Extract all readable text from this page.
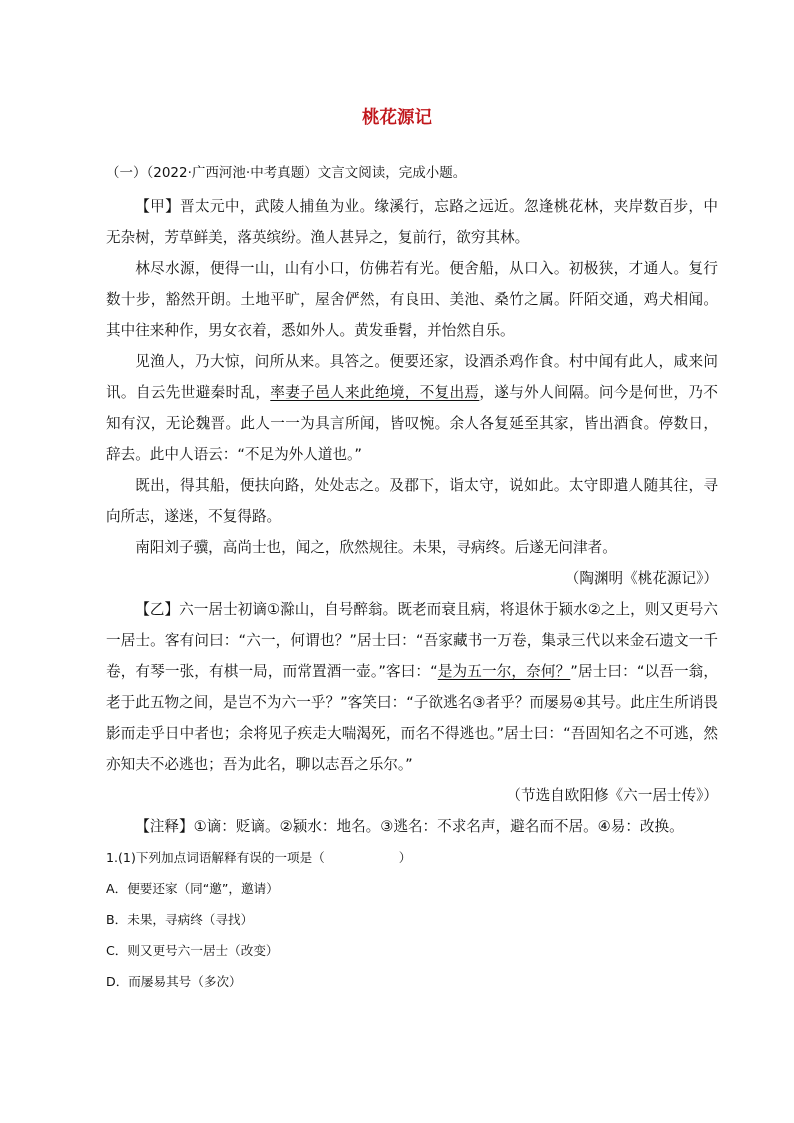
桃花源记

（一）（2022·广西河池·中考真题）文言文阅读，完成小题。

【甲】晋太元中，武陵人捕鱼为业。缘溪行，忘路之远近。忽逢桃花林，夹岸数百步，中无杂树，芳草鲜美，落英缤纷。渔人甚异之，复前行，欲穷其林。

林尽水源，便得一山，山有小口，仿佛若有光。便舍船，从口入。初极狭，才通人。复行数十步，豁然开朗。土地平旷，屋舍俨然，有良田、美池、桑竹之属。阡陌交通，鸡犬相闻。其中往来种作，男女衣着，悉如外人。黄发垂髫，并怡然自乐。

见渔人，乃大惊，问所从来。具答之。便要还家，设酒杀鸡作食。村中闻有此人，咸来问讯。自云先世避秦时乱，率妻子邑人来此绝境，不复出焉，遂与外人间隔。问今是何世，乃不知有汉，无论魏晋。此人一一为具言所闻，皆叹惋。余人各复延至其家，皆出酒食。停数日，辞去。此中人语云：“不足为外人道也。”

既出，得其船，便扶向路，处处志之。及郡下，诣太守，说如此。太守即遣人随其往，寻向所志，遂迷，不复得路。

南阳刘子骥，高尚士也，闻之，欣然规往。未果，寻病终。后遂无问津者。

（陶渊明《桃花源记》）

【乙】六一居士初谪①滁山，自号醉翁。既老而衰且病，将退休于颍水②之上，则又更号六一居士。客有问曰：“六一，何谓也？”居士曰：“吾家藏书一万卷，集录三代以来金石遗文一千卷，有琴一张，有棋一局，而常置酒一壶。”客曰：“是为五一尔，奈何？”居士曰：“以吾一翁，老于此五物之间，是岂不为六一乎？”客笑曰：“子欲逃名③者乎？而屡易④其号。此庄生所诮畏影而走乎日中者也；余将见子疾走大喘渴死，而名不得逃也。”居士曰：“吾固知名之不可逃，然亦知夫不必逃也；吾为此名，聊以志吾之乐尔。”

（节选自欧阳修《六一居士传》）

【注释】①谪：贬谪。②颍水：地名。③逃名：不求名声，避名而不居。④易：改换。

1.(1)下列加点词语解释有误的一项是（	）

A．便要还家（同“邀”，邀请）

B．未果，寻病终（寻找）

C．则又更号六一居士（改变）

D．而屡易其号（多次）
